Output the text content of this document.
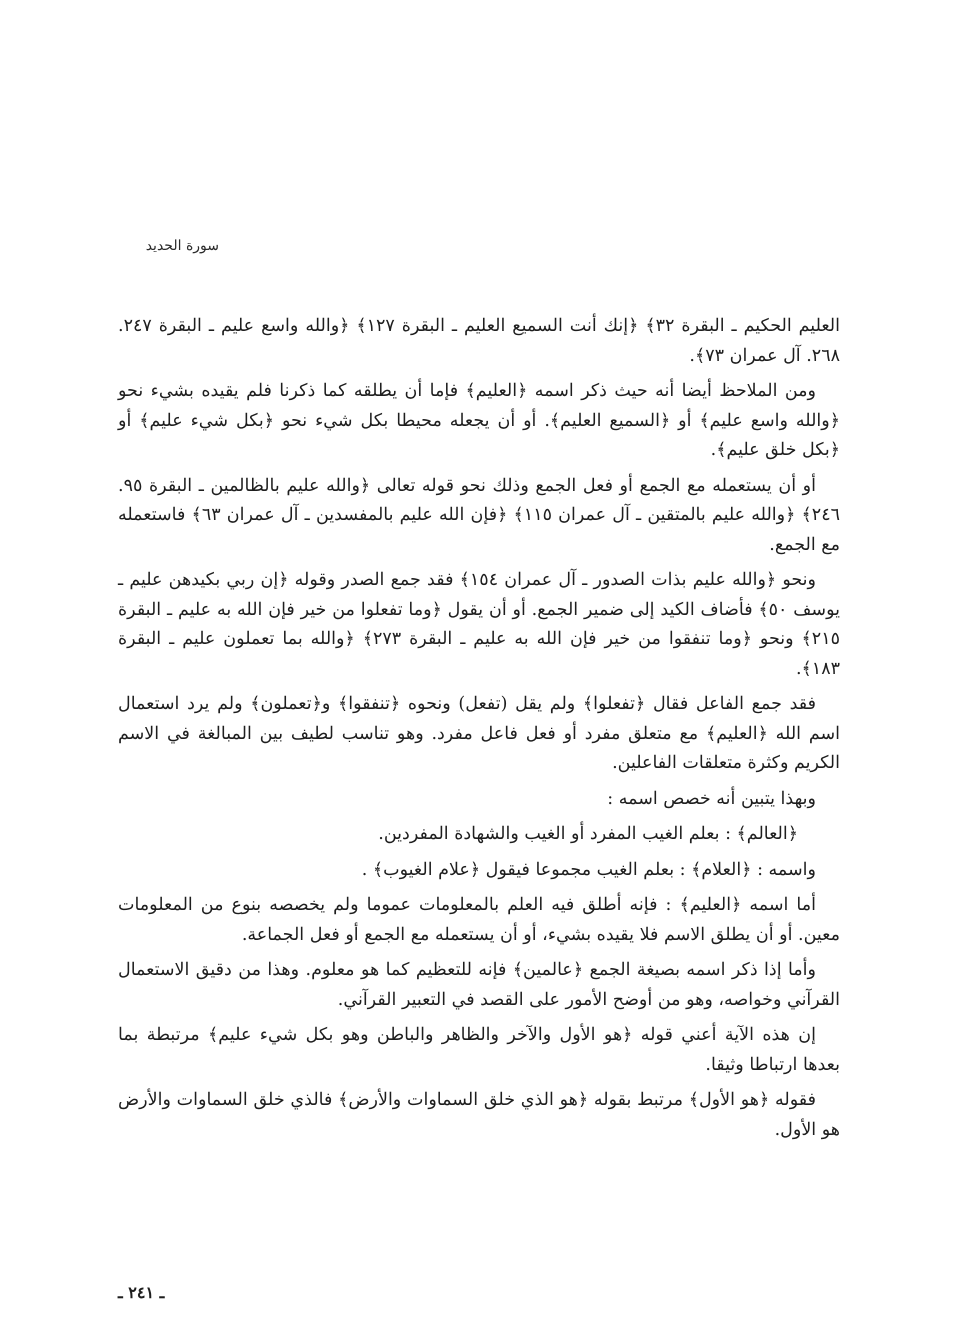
سورة الحديد

العليم الحكيم ـ البقرة ٣٢﴾ ﴿إنك أنت السميع العليم ـ البقرة ١٢٧﴾ ﴿والله واسع عليم ـ البقرة ٢٤٧. ٢٦٨. آل عمران ٧٣﴾.

ومن الملاحظ أيضا أنه حيث ذكر اسمه ﴿العليم﴾ فإما أن يطلقه كما ذكرنا فلم يقيده بشيء نحو ﴿والله واسع عليم﴾ أو ﴿السميع العليم﴾. أو أن يجعله محيطا بكل شيء نحو ﴿بكل شيء عليم﴾ أو ﴿بكل خلق عليم﴾.

أو أن يستعمله مع الجمع أو فعل الجمع وذلك نحو قوله تعالى ﴿والله عليم بالظالمين ـ البقرة ٩٥. ٢٤٦﴾ ﴿والله عليم بالمتقين ـ آل عمران ١١٥﴾ ﴿فإن الله عليم بالمفسدين ـ آل عمران ٦٣﴾ فاستعمله مع الجمع.

ونحو ﴿والله عليم بذات الصدور ـ آل عمران ١٥٤﴾ فقد جمع الصدر وقوله ﴿إن ربي بكيدهن عليم ـ يوسف ٥٠﴾ فأضاف الكيد إلى ضمير الجمع. أو أن يقول ﴿وما تفعلوا من خير فإن الله به عليم ـ البقرة ٢١٥﴾ ونحو ﴿وما تنفقوا من خير فإن الله به عليم ـ البقرة ٢٧٣﴾ ﴿والله بما تعملون عليم ـ البقرة ١٨٣﴾.

فقد جمع الفاعل فقال ﴿تفعلوا﴾ ولم يقل (تفعل) ونحوه ﴿تنفقوا﴾ و﴿تعملون﴾ ولم يرد استعمال اسم الله ﴿العليم﴾ مع متعلق مفرد أو فعل فاعل مفرد. وهو تناسب لطيف بين المبالغة في الاسم الكريم وكثرة متعلقات الفاعلين.

وبهذا يتبين أنه خصص اسمه :

﴿العالم﴾ : بعلم الغيب المفرد أو الغيب والشهادة المفردين.

واسمه : ﴿العلام﴾ : بعلم الغيب مجموعا فيقول ﴿علام الغيوب﴾ .

أما اسمه ﴿العليم﴾ : فإنه أطلق فيه العلم بالمعلومات عموما ولم يخصصه بنوع من المعلومات معين. أو أن يطلق الاسم فلا يقيده بشيء، أو أن يستعمله مع الجمع أو فعل الجماعة.

وأما إذا ذكر اسمه بصيغة الجمع ﴿عالمين﴾ فإنه للتعظيم كما هو معلوم. وهذا من دقيق الاستعمال القرآني وخواصه، وهو من أوضح الأمور على القصد في التعبير القرآني.

إن هذه الآية أعني قوله ﴿هو الأول والآخر والظاهر والباطن وهو بكل شيء عليم﴾ مرتبطة بما بعدها ارتباطا وثيقا.

فقوله ﴿هو الأول﴾ مرتبط بقوله ﴿هو الذي خلق السماوات والأرض﴾ فالذي خلق السماوات والأرض هو الأول.

ـ ٢٤١ ـ
